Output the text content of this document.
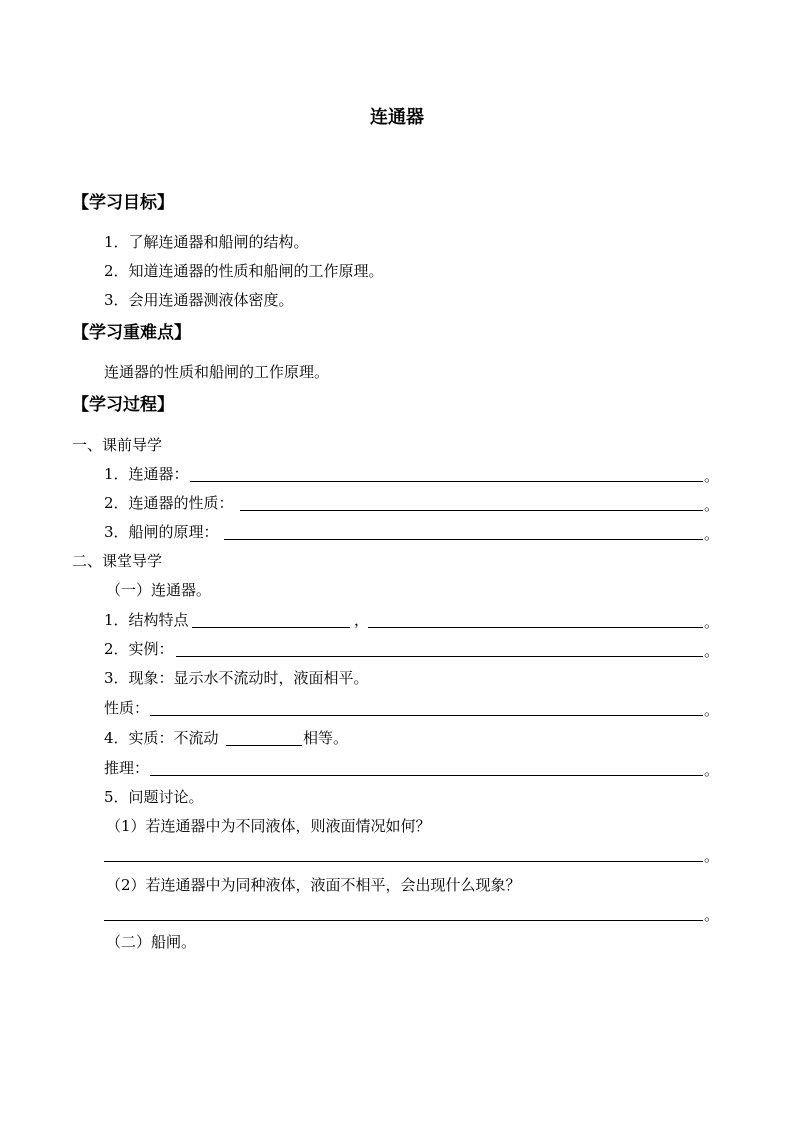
连通器
【学习目标】
1．了解连通器和船闸的结构。
2．知道连通器的性质和船闸的工作原理。
3．会用连通器测液体密度。
【学习重难点】
连通器的性质和船闸的工作原理。
【学习过程】
一、课前导学
1．连通器：	。
2．连通器的性质：	。
3．船闸的原理：	。
二、课堂导学
（一）连通器。
1．结构特点	，	。
2．实例：	。
3．现象：显示水不流动时，液面相平。
性质：	。
4．实质：不流动	相等。
推理：	。
5．问题讨论。
（1）若连通器中为不同液体，则液面情况如何？
。
（2）若连通器中为同种液体，液面不相平，会出现什么现象？
。
（二）船闸。
